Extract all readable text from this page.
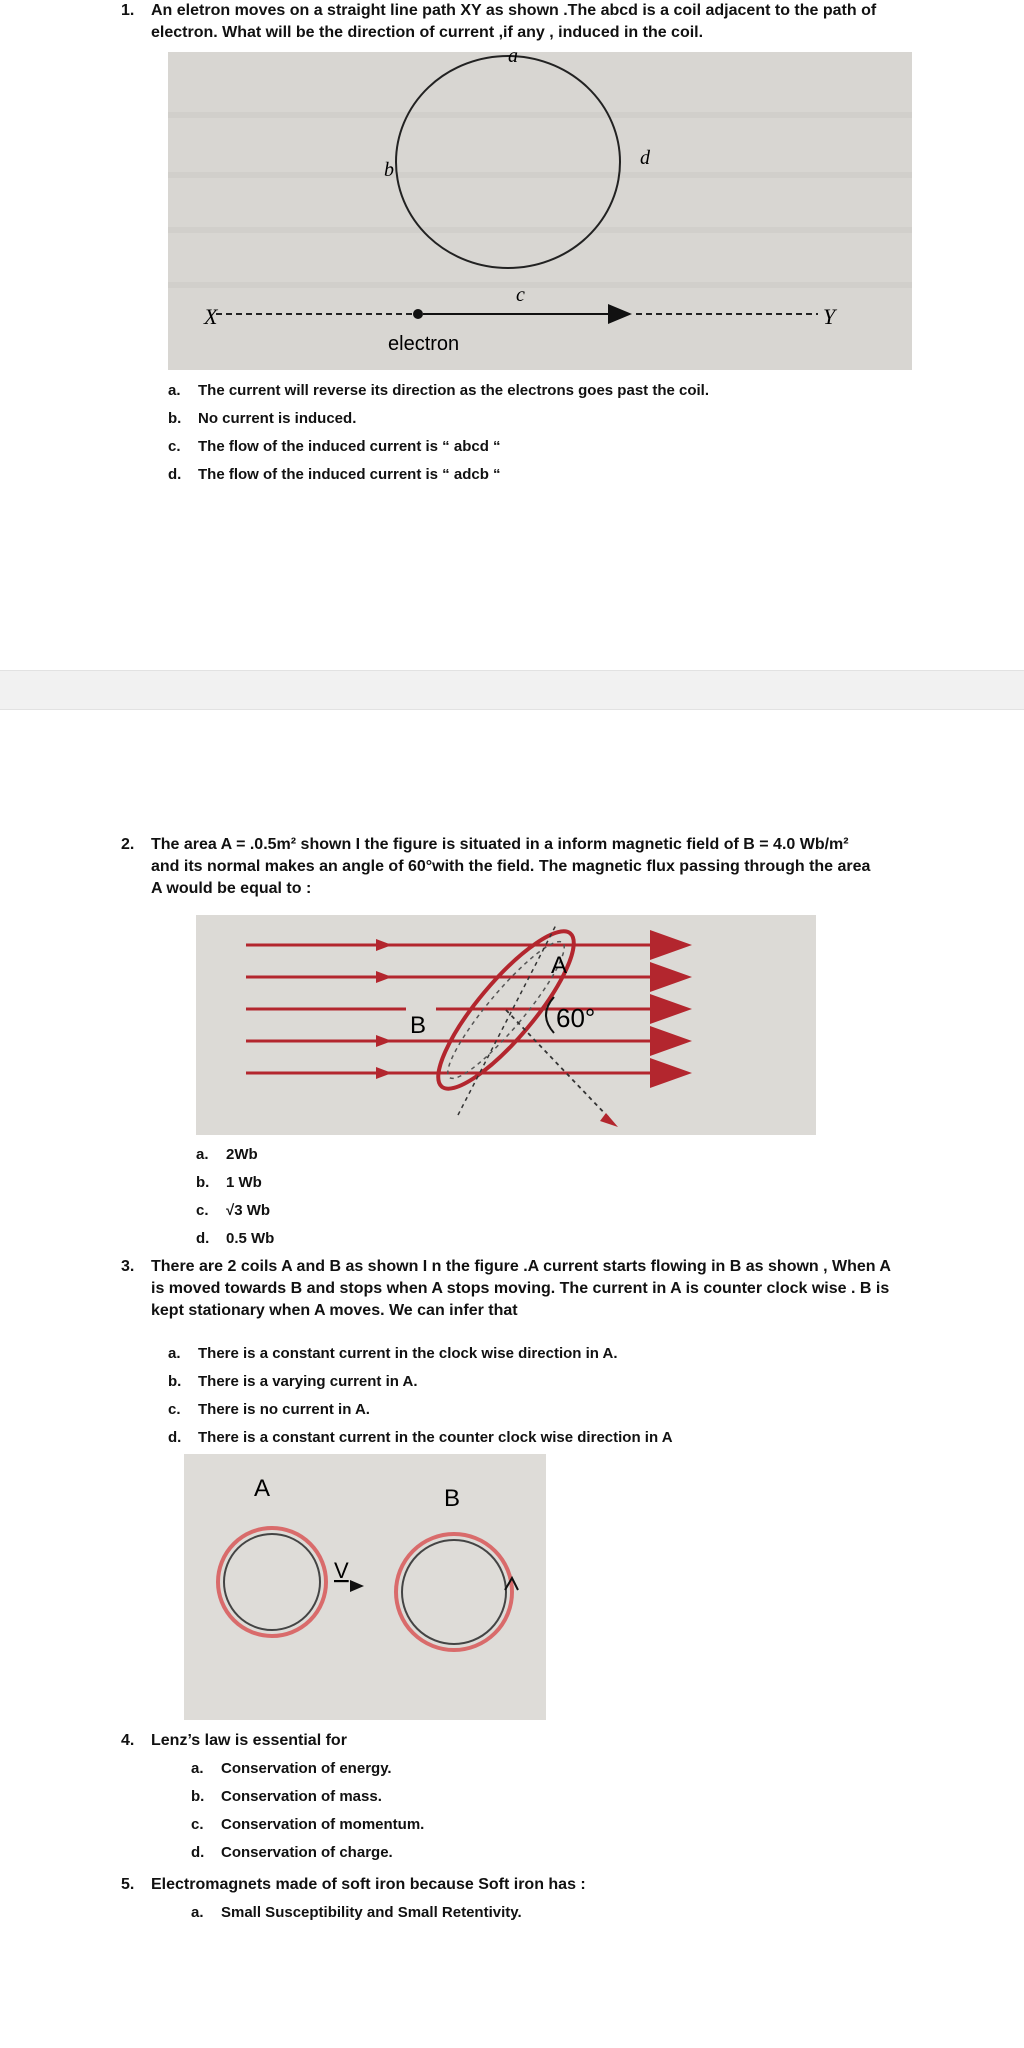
1. An eletron moves on a straight line path XY as shown .The abcd is a coil adjacent to the path of electron. What will be the direction of current ,if any , induced in the coil.
a
b
c
d
X	Y
electron
a. The current will reverse its direction as the electrons goes past the coil.
b. No current is induced.
c. The flow of the induced current is “ abcd “
d. The flow of the induced current is “ adcb “
2. The area A = .0.5m² shown I the figure is situated in a inform magnetic field of B = 4.0 Wb/m² and its normal makes an angle of 60°with the field. The magnetic flux passing through the area A would be equal to :
60°
A
B
a. 2Wb
b. 1 Wb
c. √3 Wb
d. 0.5 Wb
3. There are 2 coils A and B as shown I n the figure .A current starts flowing in B as shown , When A is moved towards B and stops when A stops moving. The current in A is counter clock wise . B is kept stationary when A moves. We can infer that
a. There is a constant current in the clock wise direction in A.
b. There is a varying current in A.
c. There is no current in A.
d. There is a constant current in the counter clock wise direction in A
A	B
V
4. Lenz’s law is essential for
a. Conservation of energy.
b. Conservation of mass.
c. Conservation of momentum.
d. Conservation of charge.
5. Electromagnets made of soft iron because Soft iron has :
a. Small Susceptibility and Small Retentivity.
